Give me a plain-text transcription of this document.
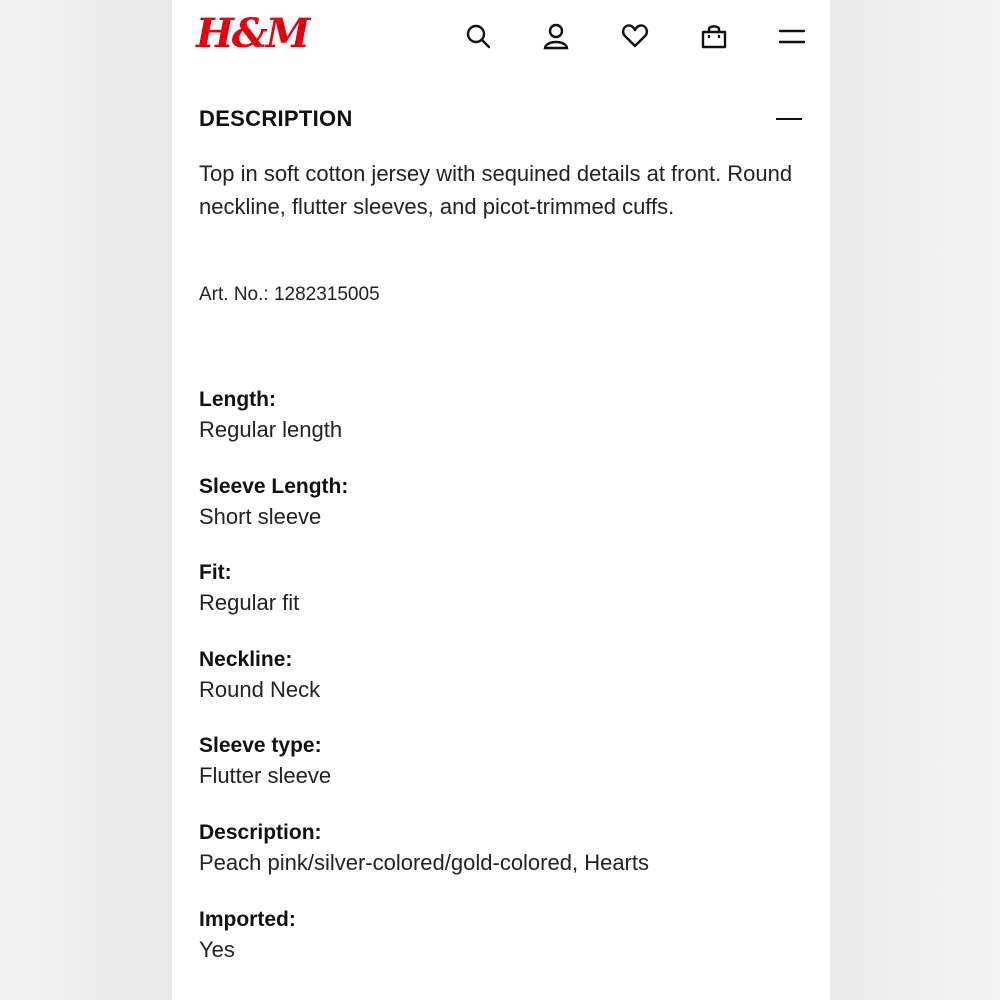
H&M
DESCRIPTION
Top in soft cotton jersey with sequined details at front. Round neckline, flutter sleeves, and picot-trimmed cuffs.
Art. No.: 1282315005
Length:
Regular length
Sleeve Length:
Short sleeve
Fit:
Regular fit
Neckline:
Round Neck
Sleeve type:
Flutter sleeve
Description:
Peach pink/silver-colored/gold-colored, Hearts
Imported:
Yes
